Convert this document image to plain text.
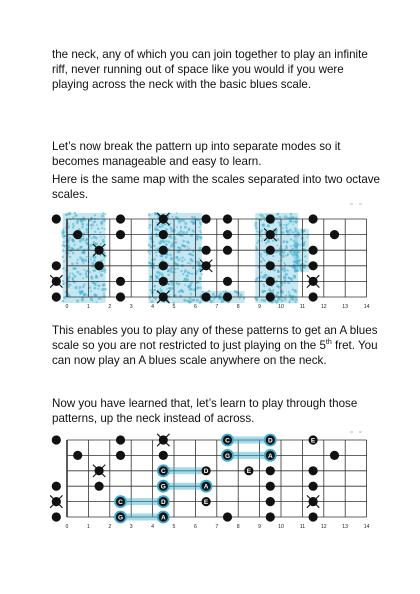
the neck, any of which you can join together to play an infinite riff, never running out of space like you would if you were playing across the neck with the basic blues scale.

Let’s now break the pattern up into separate modes so it becomes manageable and easy to learn.

Here is the same map with the scales separated into two octave scales.

0	1	2	3	4	5	6	7	8	9	10	11	12	13	14

This enables you to play any of these patterns to get an A blues scale so you are not restricted to just playing on the 5th fret. You can now play an A blues scale anywhere on the neck.

Now you have learned that, let’s learn to play through those patterns, up the neck instead of across.

C	D	E
G	A
C	D	E
G	A
C	D	E
G	A
0	1	2	3	4	5	6	7	8	9	10	11	12	13	14
